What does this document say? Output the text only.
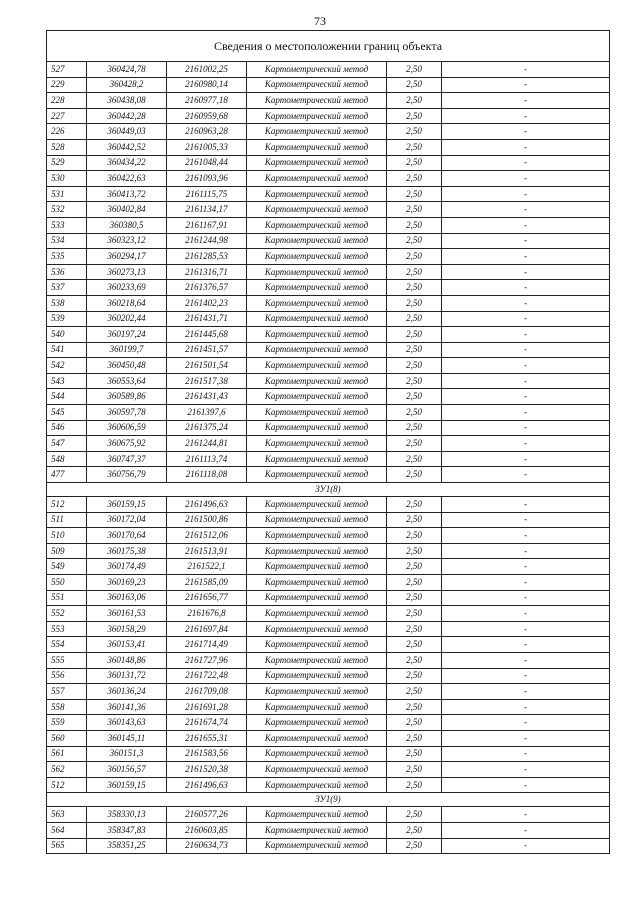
73
Сведения о местоположении границ объекта					
527	360424,78	2161002,25	Картометрический метод	2,50	-
229	360428,2	2160980,14	Картометрический метод	2,50	-
228	360438,08	2160977,18	Картометрический метод	2,50	-
227	360442,28	2160959,68	Картометрический метод	2,50	-
226	360449,03	2160963,28	Картометрический метод	2,50	-
528	360442,52	2161005,33	Картометрический метод	2,50	-
529	360434,22	2161048,44	Картометрический метод	2,50	-
530	360422,63	2161093,96	Картометрический метод	2,50	-
531	360413,72	2161115,75	Картометрический метод	2,50	-
532	360402,84	2161134,17	Картометрический метод	2,50	-
533	360380,5	2161167,91	Картометрический метод	2,50	-
534	360323,12	2161244,98	Картометрический метод	2,50	-
535	360294,17	2161285,53	Картометрический метод	2,50	-
536	360273,13	2161316,71	Картометрический метод	2,50	-
537	360233,69	2161376,57	Картометрический метод	2,50	-
538	360218,64	2161402,23	Картометрический метод	2,50	-
539	360202,44	2161431,71	Картометрический метод	2,50	-
540	360197,24	2161445,68	Картометрический метод	2,50	-
541	360199,7	2161451,57	Картометрический метод	2,50	-
542	360450,48	2161501,54	Картометрический метод	2,50	-
543	360553,64	2161517,38	Картометрический метод	2,50	-
544	360589,86	2161431,43	Картометрический метод	2,50	-
545	360597,78	2161397,6	Картометрический метод	2,50	-
546	360606,59	2161375,24	Картометрический метод	2,50	-
547	360675,92	2161244,81	Картометрический метод	2,50	-
548	360747,37	2161113,74	Картометрический метод	2,50	-
477	360756,79	2161118,08	Картометрический метод	2,50	-
ЗУ1(8)					
512	360159,15	2161496,63	Картометрический метод	2,50	-
511	360172,04	2161500,86	Картометрический метод	2,50	-
510	360170,64	2161512,06	Картометрический метод	2,50	-
509	360175,38	2161513,91	Картометрический метод	2,50	-
549	360174,49	2161522,1	Картометрический метод	2,50	-
550	360169,23	2161585,09	Картометрический метод	2,50	-
551	360163,06	2161656,77	Картометрический метод	2,50	-
552	360161,53	2161676,8	Картометрический метод	2,50	-
553	360158,29	2161697,84	Картометрический метод	2,50	-
554	360153,41	2161714,49	Картометрический метод	2,50	-
555	360148,86	2161727,96	Картометрический метод	2,50	-
556	360131,72	2161722,48	Картометрический метод	2,50	-
557	360136,24	2161709,08	Картометрический метод	2,50	-
558	360141,36	2161691,28	Картометрический метод	2,50	-
559	360143,63	2161674,74	Картометрический метод	2,50	-
560	360145,11	2161655,31	Картометрический метод	2,50	-
561	360151,3	2161583,56	Картометрический метод	2,50	-
562	360156,57	2161520,38	Картометрический метод	2,50	-
512	360159,15	2161496,63	Картометрический метод	2,50	-
ЗУ1(9)					
563	358330,13	2160577,26	Картометрический метод	2,50	-
564	358347,83	2160603,85	Картометрический метод	2,50	-
565	358351,25	2160634,73	Картометрический метод	2,50	-
